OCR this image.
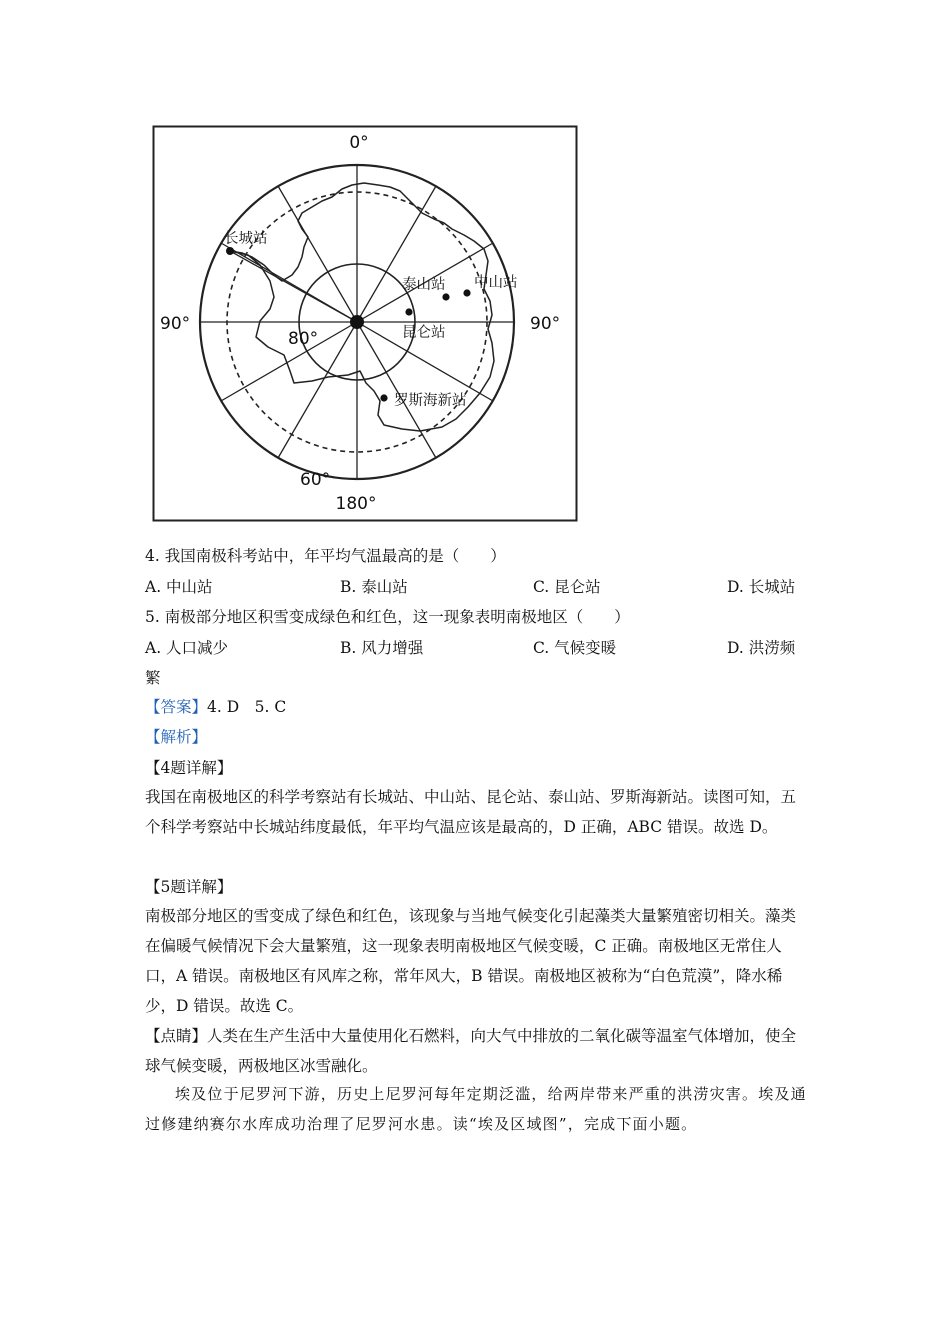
0°
90°	90°
180°
80°
60°
长城站
泰山站 中山站
昆仑站
罗斯海新站
4. 我国南极科考站中，年平均气温最高的是（　　）
A. 中山站	B. 泰山站	C. 昆仑站	D. 长城站
5. 南极部分地区积雪变成绿色和红色，这一现象表明南极地区（　　）
A. 人口减少	B. 风力增强	C. 气候变暖	D. 洪涝频
繁
【答案】4. D　5. C
【解析】
【4题详解】
我国在南极地区的科学考察站有长城站、中山站、昆仑站、泰山站、罗斯海新站。读图可知，五个科学考察站中长城站纬度最低，年平均气温应该是最高的，D 正确，ABC 错误。故选 D。
【5题详解】
南极部分地区的雪变成了绿色和红色，该现象与当地气候变化引起藻类大量繁殖密切相关。藻类在偏暖气候情况下会大量繁殖，这一现象表明南极地区气候变暖，C 正确。南极地区无常住人口，A 错误。南极地区有风库之称，常年风大，B 错误。南极地区被称为“白色荒漠”，降水稀少，D 错误。故选 C。
【点睛】人类在生产生活中大量使用化石燃料，向大气中排放的二氧化碳等温室气体增加，使全球气候变暖，两极地区冰雪融化。
埃及位于尼罗河下游，历史上尼罗河每年定期泛滥，给两岸带来严重的洪涝灾害。埃及通过修建纳赛尔水库成功治理了尼罗河水患。读“埃及区域图”，完成下面小题。
